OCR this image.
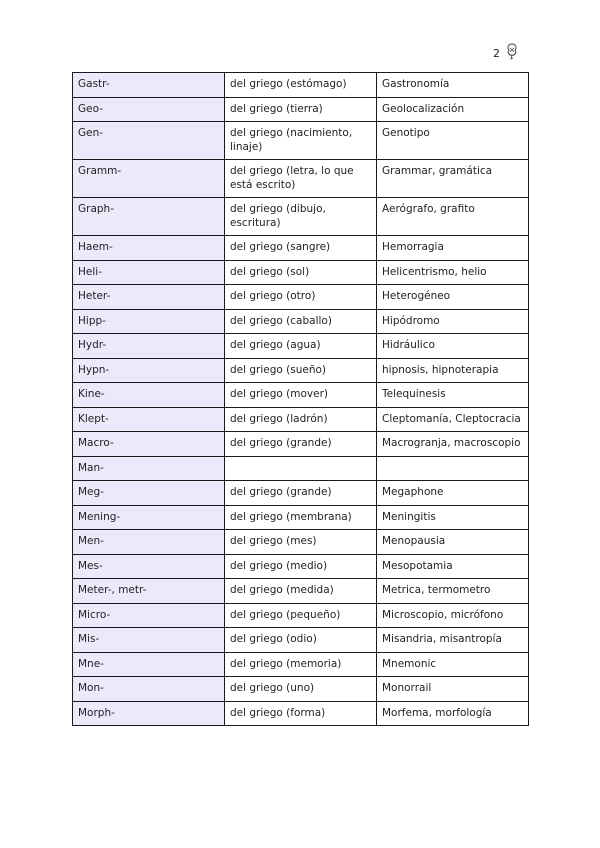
2
Gastr-	del griego (estómago)	Gastronomía
Geo-	del griego (tierra)	Geolocalización
Gen-	del griego (nacimiento, linaje)	Genotipo
Gramm-	del griego (letra, lo que está escrito)	Grammar, gramática
Graph-	del griego (dibujo, escritura)	Aerógrafo, grafito
Haem-	del griego (sangre)	Hemorragia
Heli-	del griego (sol)	Helicentrismo, helio
Heter-	del griego (otro)	Heterogéneo
Hipp-	del griego (caballo)	Hipódromo
Hydr-	del griego (agua)	Hidráulico
Hypn-	del griego (sueño)	hipnosis, hipnoterapia
Kine-	del griego (mover)	Telequinesis
Klept-	del griego (ladrón)	Cleptomanía, Cleptocracia
Macro-	del griego (grande)	Macrogranja, macroscopio
Man-		
Meg-	del griego (grande)	Megaphone
Mening-	del griego (membrana)	Meningitis
Men-	del griego (mes)	Menopausia
Mes-	del griego (medio)	Mesopotamia
Meter-, metr-	del griego (medida)	Metrica, termometro
Micro-	del griego (pequeño)	Microscopio, micrófono
Mis-	del griego (odio)	Misandria, misantropía
Mne-	del griego (memoria)	Mnemonic
Mon-	del griego (uno)	Monorrail
Morph-	del griego (forma)	Morfema, morfología
